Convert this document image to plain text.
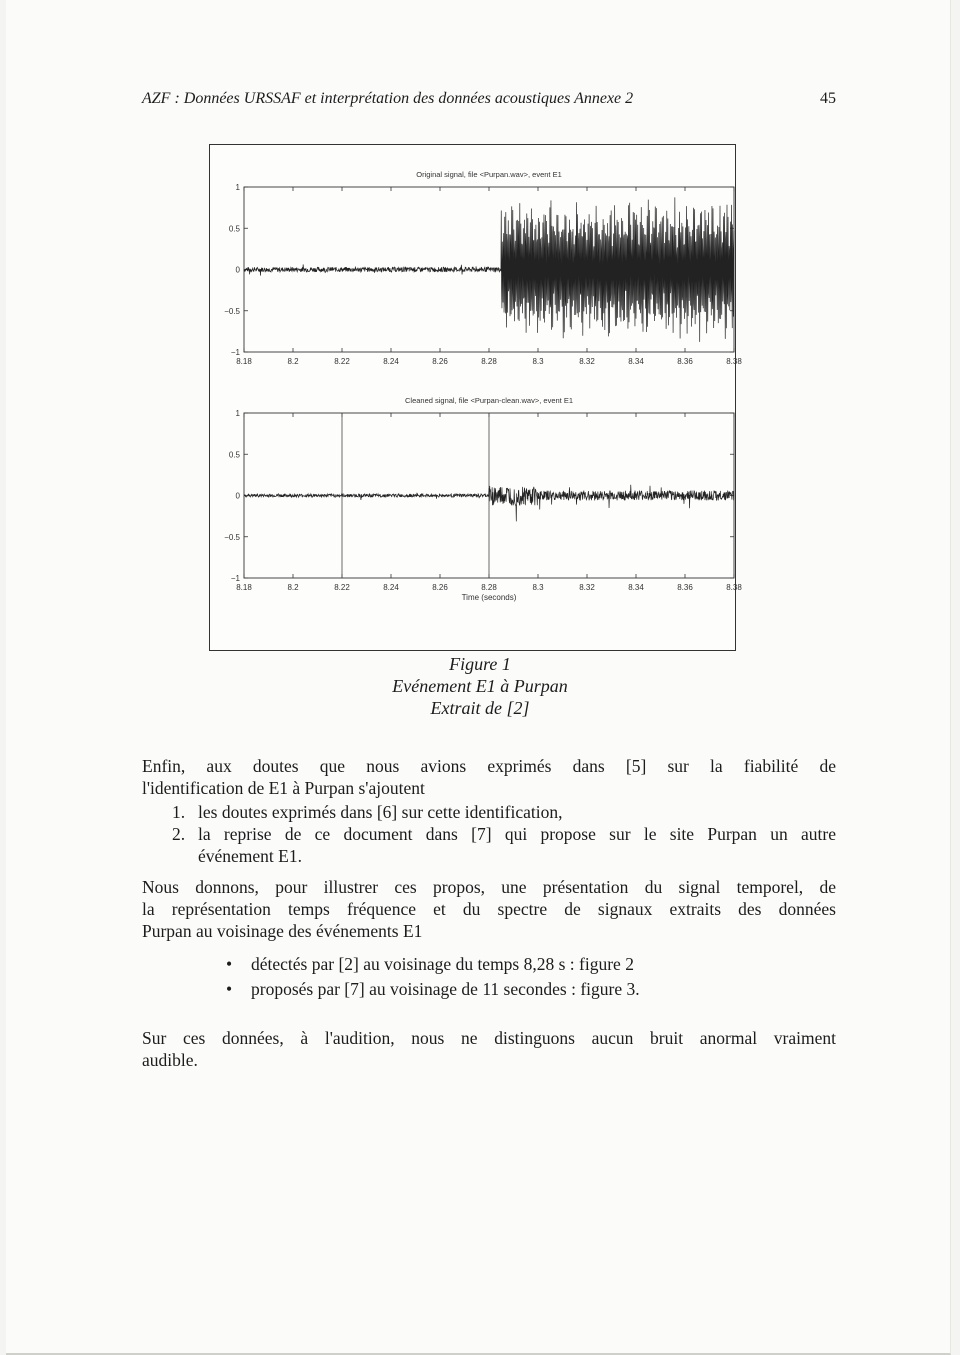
AZF : Données URSSAF et interprétation des données acoustiques Annexe 2	45
Original signal, file <Purpan.wav>, event E1
8.18	8.2	8.22	8.24	8.26	8.28	8.3	8.32	8.34	8.36	8.38
1
0.5
0
−0.5
−1
Cleaned signal, file <Purpan-clean.wav>, event E1
8.18	8.2	8.22	8.24	8.26	8.28	8.3	8.32	8.34	8.36	8.38
1
0.5
0
−0.5
−1
Time (seconds)
Figure 1
Evénement E1 à Purpan
Extrait de [2]
Enfin, aux doutes que nous avions exprimés dans [5] sur la fiabilité de
l'identification de E1 à Purpan s'ajoutent
1. les doutes exprimés dans [6] sur cette identification,
2. la reprise de ce document dans [7] qui propose sur le site Purpan un autre
événement E1.
Nous donnons, pour illustrer ces propos, une présentation du signal temporel, de
la représentation temps fréquence et du spectre de signaux extraits des données
Purpan au voisinage des événements E1
• détectés par [2] au voisinage du temps 8,28 s : figure 2
• proposés par [7] au voisinage de 11 secondes : figure 3.
Sur ces données, à l'audition, nous ne distinguons aucun bruit anormal vraiment
audible.
